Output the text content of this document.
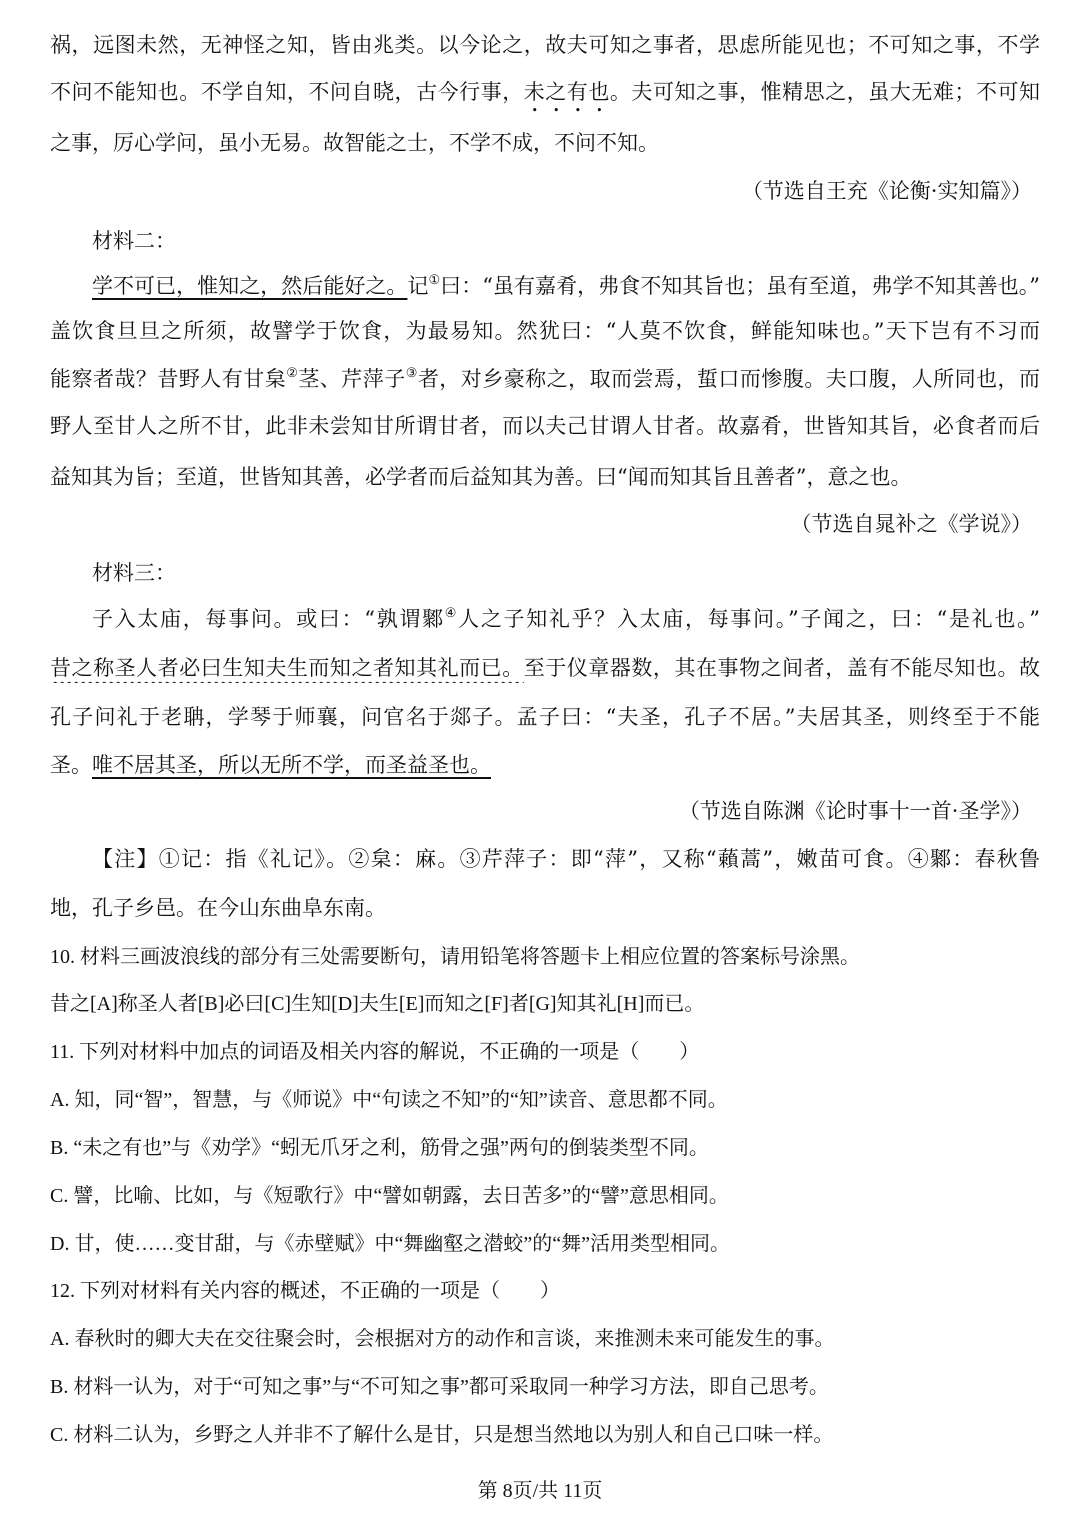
祸，远图未然，无神怪之知，皆由兆类。以今论之，故夫可知之事者，思虑所能见也；不可知之事，不学
不问不能知也。不学自知，不问自晓，古今行事，未之有也。夫可知之事，惟精思之，虽大无难；不可知
之事，厉心学问，虽小无易。故智能之士，不学不成，不问不知。
（节选自王充《论衡·实知篇》）
材料二：
学不可已，惟知之，然后能好之。记①曰：“虽有嘉肴，弗食不知其旨也；虽有至道，弗学不知其善也。”
盖饮食旦旦之所须，故譬学于饮食，为最易知。然犹曰：“人莫不饮食，鲜能知味也。”天下岂有不习而
能察者哉？昔野人有甘枲②茎、芹萍子③者，对乡豪称之，取而尝焉，蜇口而惨腹。夫口腹，人所同也，而
野人至甘人之所不甘，此非未尝知甘所谓甘者，而以夫己甘谓人甘者。故嘉肴，世皆知其旨，必食者而后
益知其为旨；至道，世皆知其善，必学者而后益知其为善。曰“闻而知其旨且善者”，意之也。
（节选自晁补之《学说》）
材料三：
子入太庙，每事问。或曰：“孰谓鄹④人之子知礼乎？入太庙，每事问。”子闻之，曰：“是礼也。”
昔之称圣人者必曰生知夫生而知之者知其礼而已。至于仪章器数，其在事物之间者，盖有不能尽知也。故
孔子问礼于老聃，学琴于师襄，问官名于郯子。孟子曰：“夫圣，孔子不居。”夫居其圣，则终至于不能
圣。唯不居其圣，所以无所不学，而圣益圣也。
（节选自陈渊《论时事十一首·圣学》）
【注】①记：指《礼记》。②枲：麻。③芹萍子：即“萍”，又称“藾蒿”，嫩苗可食。④鄹：春秋鲁
地，孔子乡邑。在今山东曲阜东南。
10. 材料三画波浪线的部分有三处需要断句，请用铅笔将答题卡上相应位置的答案标号涂黑。
昔之[A]称圣人者[B]必曰[C]生知[D]夫生[E]而知之[F]者[G]知其礼[H]而已。
11. 下列对材料中加点的词语及相关内容的解说，不正确的一项是（　　）
A. 知，同“智”，智慧，与《师说》中“句读之不知”的“知”读音、意思都不同。
B. “未之有也”与《劝学》“蚓无爪牙之利，筋骨之强”两句的倒装类型不同。
C. 譬，比喻、比如，与《短歌行》中“譬如朝露，去日苦多”的“譬”意思相同。
D. 甘，使……变甘甜，与《赤壁赋》中“舞幽壑之潜蛟”的“舞”活用类型相同。
12. 下列对材料有关内容的概述，不正确的一项是（　　）
A. 春秋时的卿大夫在交往聚会时，会根据对方的动作和言谈，来推测未来可能发生的事。
B. 材料一认为，对于“可知之事”与“不可知之事”都可采取同一种学习方法，即自己思考。
C. 材料二认为，乡野之人并非不了解什么是甘，只是想当然地以为别人和自己口味一样。
第 8页/共 11页
